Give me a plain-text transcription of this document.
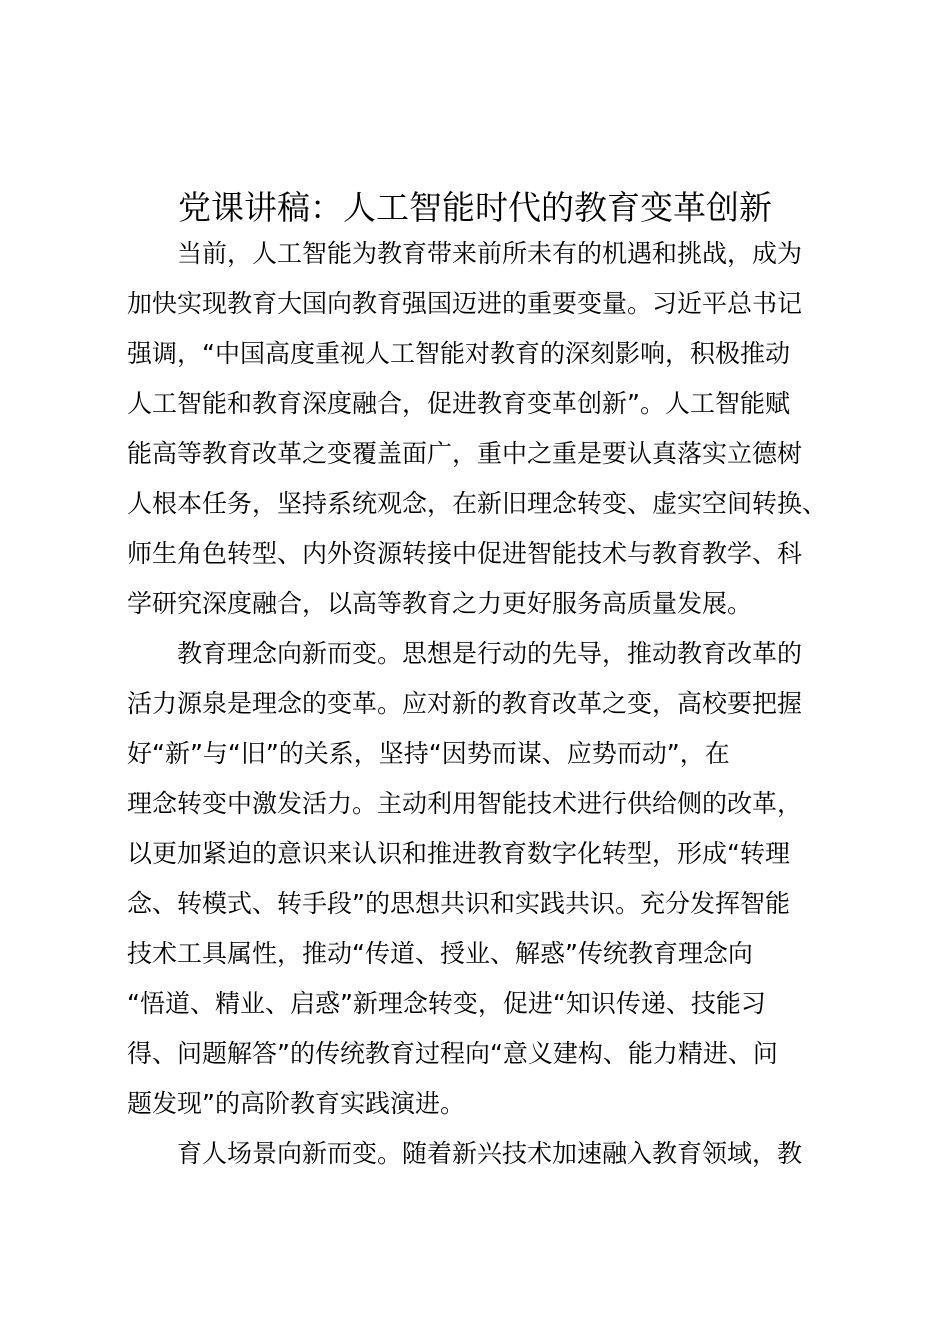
党课讲稿：人工智能时代的教育变革创新

当前，人工智能为教育带来前所未有的机遇和挑战，成为

加快实现教育大国向教育强国迈进的重要变量。习近平总书记

强调，“中国高度重视人工智能对教育的深刻影响，积极推动

人工智能和教育深度融合，促进教育变革创新”。人工智能赋

能高等教育改革之变覆盖面广，重中之重是要认真落实立德树

人根本任务，坚持系统观念，在新旧理念转变、虚实空间转换、

师生角色转型、内外资源转接中促进智能技术与教育教学、科

学研究深度融合，以高等教育之力更好服务高质量发展。

教育理念向新而变。思想是行动的先导，推动教育改革的

活力源泉是理念的变革。应对新的教育改革之变，高校要把握

好“新”与“旧”的关系，坚持“因势而谋、应势而动”，在

理念转变中激发活力。主动利用智能技术进行供给侧的改革，

以更加紧迫的意识来认识和推进教育数字化转型，形成“转理

念、转模式、转手段”的思想共识和实践共识。充分发挥智能

技术工具属性，推动“传道、授业、解惑”传统教育理念向

“悟道、精业、启惑”新理念转变，促进“知识传递、技能习

得、问题解答”的传统教育过程向“意义建构、能力精进、问

题发现”的高阶教育实践演进。

育人场景向新而变。随着新兴技术加速融入教育领域，教
